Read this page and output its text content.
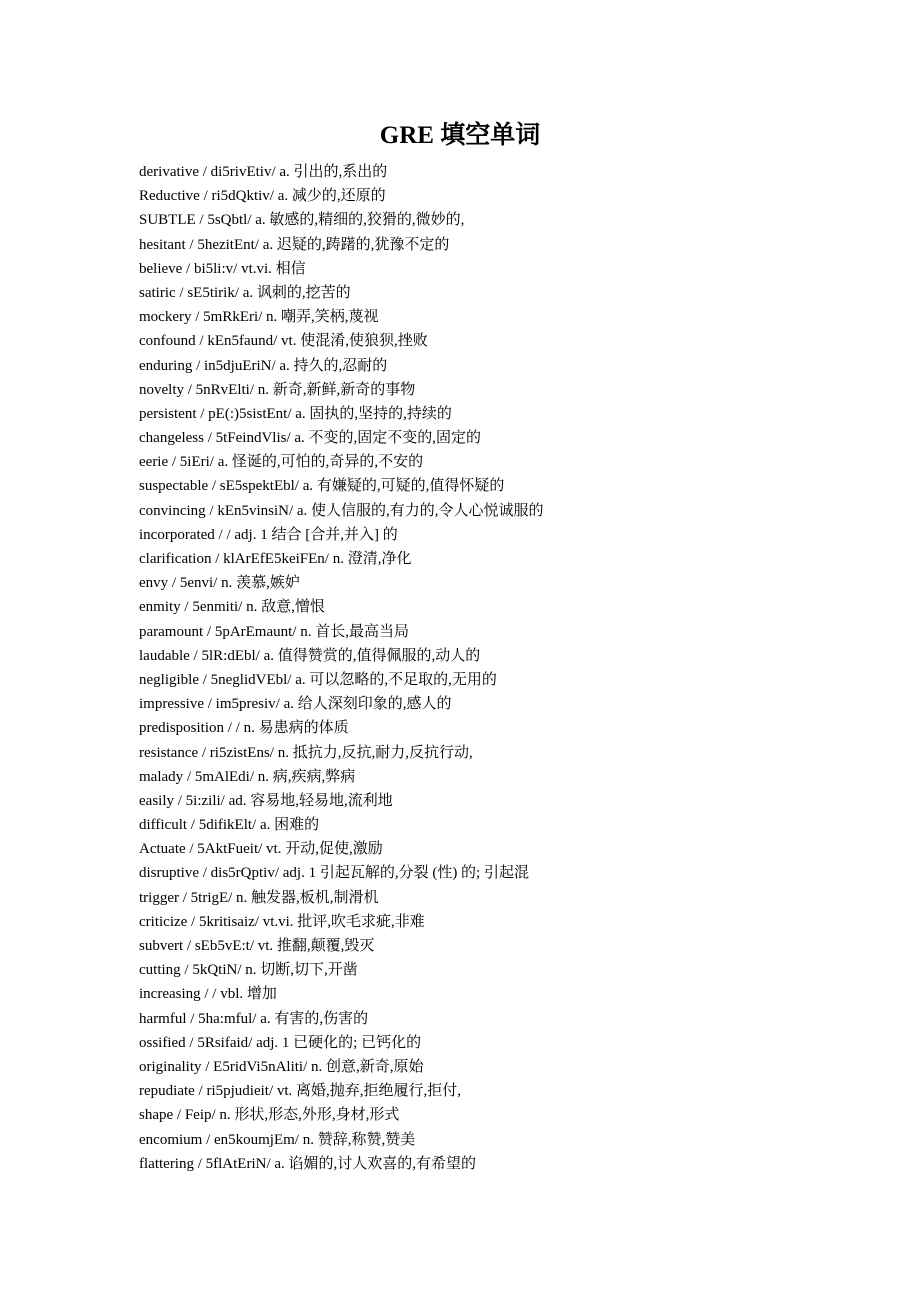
GRE 填空单词
derivative / di5rivEtiv/ a. 引出的,系出的
Reductive / ri5dQktiv/ a. 减少的,还原的
SUBTLE / 5sQbtl/ a. 敏感的,精细的,狡猾的,微妙的,
hesitant / 5hezitEnt/ a. 迟疑的,踌躇的,犹豫不定的
believe / bi5li:v/ vt.vi. 相信
satiric / sE5tirik/ a. 讽刺的,挖苦的
mockery / 5mRkEri/ n. 嘲弄,笑柄,蔑视
confound / kEn5faund/ vt. 使混淆,使狼狈,挫败
enduring / in5djuEriN/ a. 持久的,忍耐的
novelty / 5nRvElti/ n. 新奇,新鲜,新奇的事物
persistent / pE(:)5sistEnt/ a. 固执的,坚持的,持续的
changeless / 5tFeindVlis/ a. 不变的,固定不变的,固定的
eerie / 5iEri/ a. 怪诞的,可怕的,奇异的,不安的
suspectable / sE5spektEbl/ a. 有嫌疑的,可疑的,值得怀疑的
convincing / kEn5vinsiN/ a. 使人信服的,有力的,令人心悦诚服的
incorporated / / adj. 1 结合 [合并,并入] 的
clarification / klArEfE5keiFEn/ n. 澄清,净化
envy / 5envi/ n. 羡慕,嫉妒
enmity / 5enmiti/ n. 敌意,憎恨
paramount / 5pArEmaunt/ n. 首长,最高当局
laudable / 5lR:dEbl/ a. 值得赞赏的,值得佩服的,动人的
negligible / 5neglidVEbl/ a. 可以忽略的,不足取的,无用的
impressive / im5presiv/ a. 给人深刻印象的,感人的
predisposition / / n. 易患病的体质
resistance / ri5zistEns/ n. 抵抗力,反抗,耐力,反抗行动,
malady / 5mAlEdi/ n. 病,疾病,弊病
easily / 5i:zili/ ad. 容易地,轻易地,流利地
difficult / 5difikElt/ a. 困难的
Actuate / 5AktFueit/ vt. 开动,促使,激励
disruptive / dis5rQptiv/ adj. 1 引起瓦解的,分裂 (性) 的; 引起混
trigger / 5trigE/ n. 触发器,板机,制滑机
criticize / 5kritisaiz/ vt.vi. 批评,吹毛求疵,非难
subvert / sEb5vE:t/ vt. 推翻,颠覆,毁灭
cutting / 5kQtiN/ n. 切断,切下,开凿
increasing / / vbl. 增加
harmful / 5ha:mful/ a. 有害的,伤害的
ossified / 5Rsifaid/ adj. 1 已硬化的; 已钙化的
originality / E5ridVi5nAliti/ n. 创意,新奇,原始
repudiate / ri5pjudieit/ vt. 离婚,抛弃,拒绝履行,拒付,
shape / Feip/ n. 形状,形态,外形,身材,形式
encomium / en5koumjEm/ n. 赞辞,称赞,赞美
flattering / 5flAtEriN/ a. 谄媚的,讨人欢喜的,有希望的
